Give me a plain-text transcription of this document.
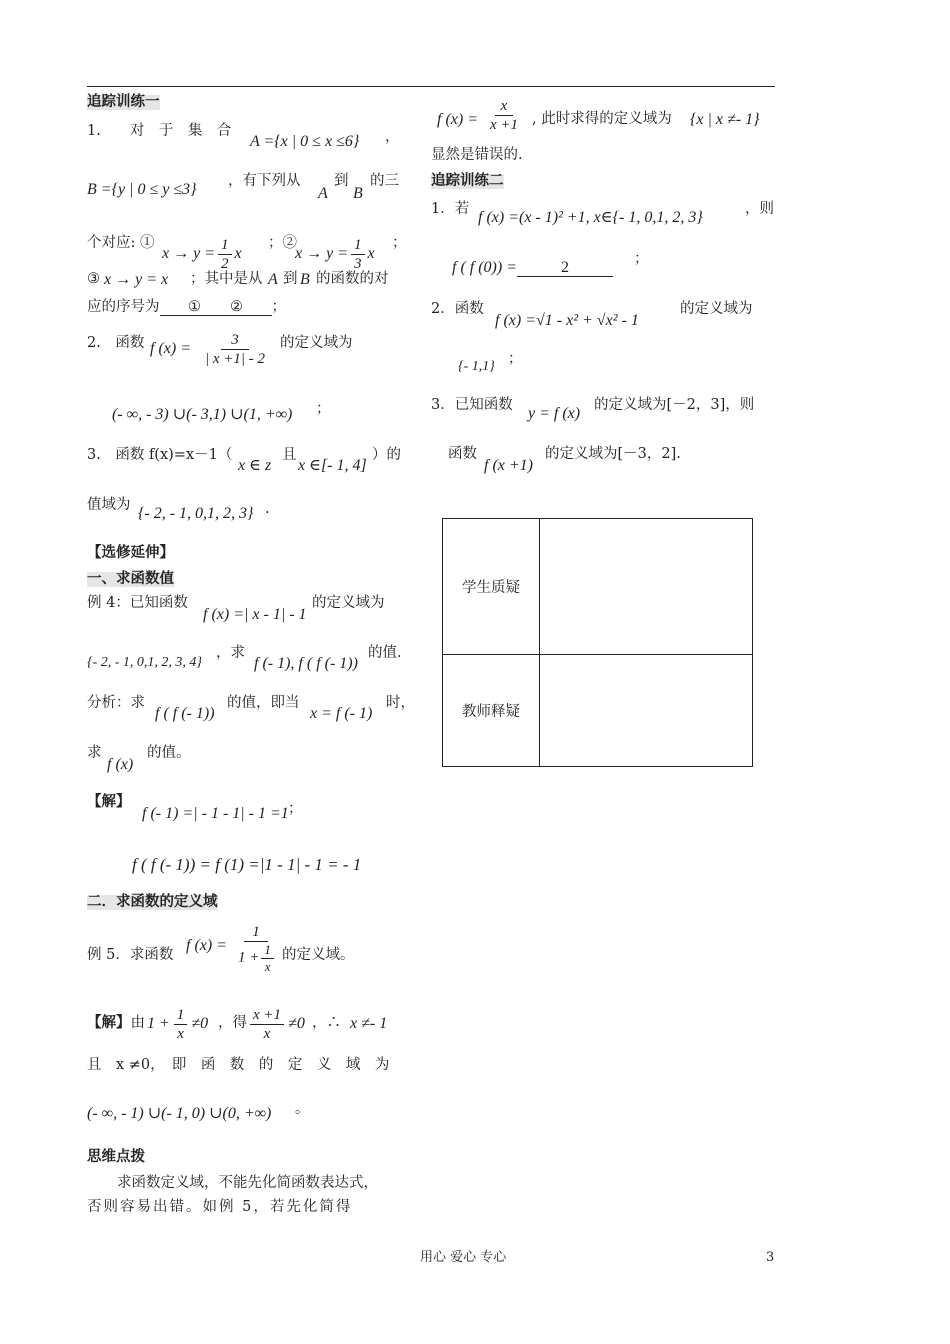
追踪训练一
1.　　对　于　集　合
A ={x | 0 ≤ x ≤6} ，
B ={y | 0 ≤ y ≤3} ，有下列从
A
到
B
的三
个对应: ①
$x \to y = \frac{1}{2}$ x
；②
$x \to y = \frac{1}{3}$ x
；
③ x → y = x ；其中是从 A 到 B 的函数的对
应的序号为 ①　　② ；
2.　函数 f $(x) = \frac{3}{| x +1| - 2}$ 的定义域为
(- ∞, - 3) ∪(- 3,1) ∪(1, +∞) ；
3.　函数 f(x)=x－1（
x ∈ z
且
x ∈[- 1, 4]
）的
值域为 {- 2, - 1, 0,1, 2, 3} .
【选修延伸】
一、求函数值
例 4：已知函数
f (x) =| x - 1| - 1
的定义域为
{- 2, - 1, 0,1, 2, 3, 4}
，求
f (- 1), f ( f (- 1))
的值.
分析：求
f ( f (- 1))
的值，即当
x = f (- 1)
时，
求
f (x)
的值。
【解】
f (- 1) =| - 1 - 1| - 1 =1 ；
f ( f (- 1)) = f (1) =|1 - 1| - 1 = - 1
二．求函数的定义域
例 5．求函数
f $(x) = \frac{1}{1 + \frac{1}{x}}$ 的定义域。
【解】由 $1 + \frac{1}{x} \ne 0$ ，得 $\frac{x +1}{x} \ne 0$ ，∴ x ≠- 1
且　x ≠0，　即　函　数　的　定　义　域　为
(- ∞, - 1) ∪(- 1, 0) ∪(0, +∞) 。
思维点拨
求函数定义域，不能先化简函数表达式，
否则容易出错。如例 5，若先化简得
f $(x) = \frac{x}{x +1}$ , 此时求得的定义域为 {x | x ≠- 1}
显然是错误的.
追踪训练二
1．若 f (x) =(x - 1)² +1, x∈{- 1, 0,1, 2, 3}	，则
f ( f (0)) =	2	；
2．函数
f (x) =√1 - x² + √x² - 1
的定义域为
{- 1,1} ；
3．已知函数 y = f (x) 的定义域为[－2，3]，则
函数
f (x +1)
的定义域为[－3，2].
学生质疑	
教师释疑	
用心 爱心 专心	3
